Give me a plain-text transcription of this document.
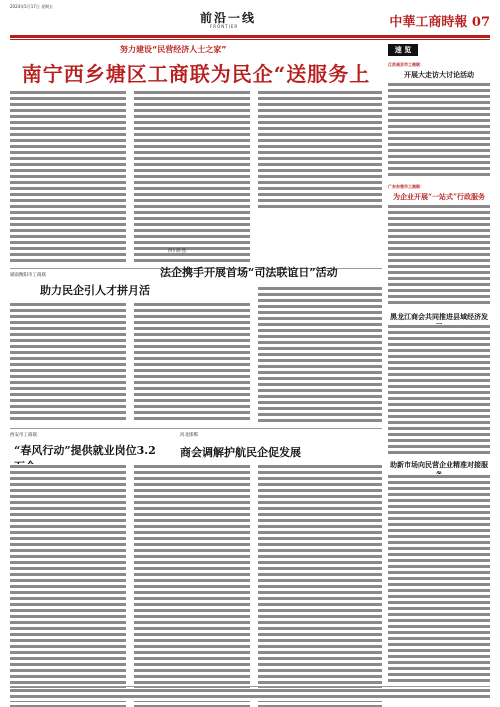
2024年5月17日 星期五
前沿一线
FRONTIER	中華工商時報 07
努力建设“民营经济人士之家”
南宁西乡塘区工商联为民企“送服务上
湖南衡阳市工商联
助力民企引人才拼月活
四川旺苍：
法企携手开展首场“司法联谊日”活动
西安市工商联：
“春风行动”提供就业岗位3.2
河北邯郸
商会调解护航民企促发展
速 览
江苏南京市工商联：
开展大走访大讨论活动
广东东莞市工商联：
为企业开展“一站式”行政服务
黑龙江商会共同推进县域经济发
助新市场向民营企业精准对接服
